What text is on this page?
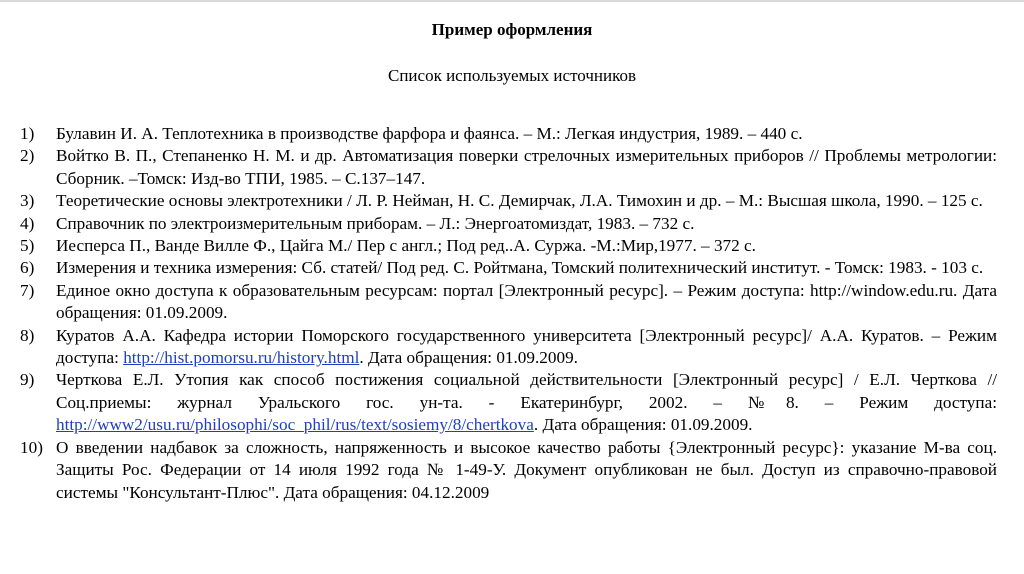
Пример оформления
Список используемых источников
1)	Булавин И. А. Теплотехника в производстве фарфора и фаянса. – М.: Легкая индустрия, 1989. – 440 с.
2)	Войтко В. П., Степаненко Н. М. и др. Автоматизация поверки стрелочных измерительных приборов // Проблемы метрологии: Сборник. –Томск: Изд-во ТПИ, 1985. – С.137–147.
3)	Теоретические основы электротехники / Л. Р. Нейман, Н. С. Демирчак, Л.А. Тимохин и др. – М.: Высшая школа, 1990. – 125 с.
4)	Справочник по электроизмерительным приборам. – Л.: Энергоатомиздат, 1983. – 732 с.
5)	Иесперса П., Ванде Вилле Ф., Цайга М./ Пер с англ.; Под ред..А. Суржа. -М.:Мир,1977. – 372 с.
6)	Измерения и техника измерения: Сб. статей/ Под ред. С. Ройтмана, Томский политехнический институт. - Томск: 1983. - 103 с.
7)	Единое окно доступа к образовательным ресурсам: портал [Электронный ресурс]. – Режим доступа: http://window.edu.ru. Дата обращения: 01.09.2009.
8)	Куратов А.А. Кафедра истории Поморского государственного университета [Электронный ресурс]/ А.А. Куратов. – Режим доступа: http://hist.pomorsu.ru/history.html. Дата обращения: 01.09.2009.
9)	Черткова Е.Л. Утопия как способ постижения социальной действительности [Электронный ресурс] / Е.Л. Черткова // Соц.приемы: журнал Уральского гос. ун-та. - Екатеринбург, 2002. – №8. – Режим доступа: http://www2/usu.ru/philosophi/soc_phil/rus/text/sosiemy/8/chertkova. Дата обращения: 01.09.2009.
10) О введении надбавок за сложность, напряженность и высокое качество работы {Электронный ресурс}: указание М-ва соц. Защиты Рос. Федерации от 14 июля 1992 года № 1-49-У. Документ опубликован не был. Доступ из справочно-правовой системы "Консультант-Плюс". Дата обращения: 04.12.2009
